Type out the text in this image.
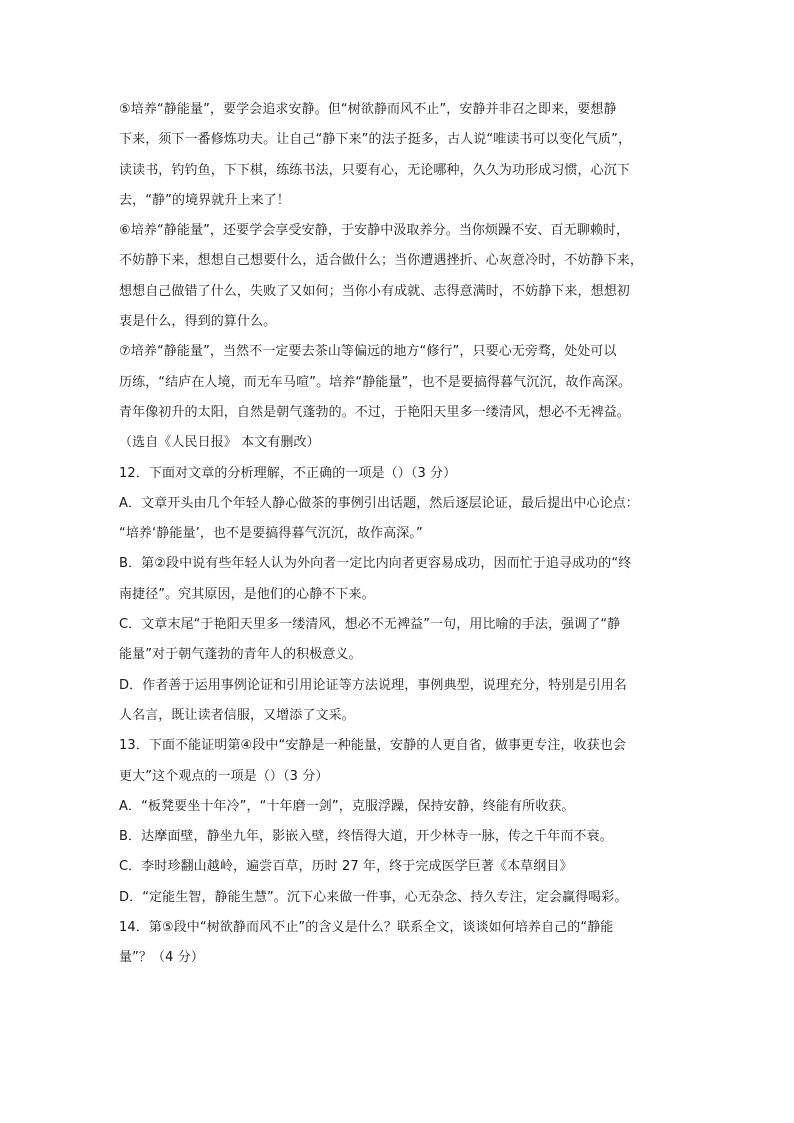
⑤培养“静能量”，要学会追求安静。但“树欲静而风不止”，安静并非召之即来，要想静
下来，须下一番修炼功夫。让自己“静下来”的法子挺多，古人说“唯读书可以变化气质”，
读读书，钓钓鱼，下下棋，练练书法，只要有心，无论哪种，久久为功形成习惯，心沉下
去，“静”的境界就升上来了！
⑥培养“静能量”，还要学会享受安静，于安静中汲取养分。当你烦躁不安、百无聊赖时，
不妨静下来，想想自己想要什么，适合做什么；当你遭遇挫折、心灰意冷时，不妨静下来，
想想自己做错了什么，失败了又如何；当你小有成就、志得意满时，不妨静下来，想想初
衷是什么，得到的算什么。
⑦培养“静能量”，当然不一定要去茶山等偏远的地方“修行”，只要心无旁骛，处处可以
历练，“结庐在人境，而无车马喧”。培养“静能量”，也不是要搞得暮气沉沉，故作高深。
青年像初升的太阳，自然是朝气蓬勃的。不过，于艳阳天里多一缕清风，想必不无裨益。
（选自《人民日报》 本文有删改）
12．下面对文章的分析理解，不正确的一项是（）（3 分）
A．文章开头由几个年轻人静心做茶的事例引出话题，然后逐层论证，最后提出中心论点：
“培养‘静能量’，也不是要搞得暮气沉沉，故作高深。”
B．第②段中说有些年轻人认为外向者一定比内向者更容易成功，因而忙于追寻成功的“终
南捷径”。究其原因，是他们的心静不下来。
C．文章末尾“于艳阳天里多一缕清风，想必不无裨益”一句，用比喻的手法，强调了“静
能量”对于朝气蓬勃的青年人的积极意义。
D．作者善于运用事例论证和引用论证等方法说理，事例典型，说理充分，特别是引用名
人名言，既让读者信服，又增添了文采。
13．下面不能证明第④段中“安静是一种能量，安静的人更自省，做事更专注，收获也会
更大”这个观点的一项是（）（3 分）
A．“板凳要坐十年冷”，“十年磨一剑”，克服浮躁，保持安静，终能有所收获。
B．达摩面壁，静坐九年，影嵌入壁，终悟得大道，开少林寺一脉，传之千年而不衰。
C．李时珍翻山越岭，遍尝百草，历时 27 年，终于完成医学巨著《本草纲目》
D．“定能生智，静能生慧”。沉下心来做一件事，心无杂念、持久专注，定会赢得喝彩。
14．第⑤段中“树欲静而风不止”的含义是什么？联系全文，谈谈如何培养自己的“静能
量”？（4 分）
